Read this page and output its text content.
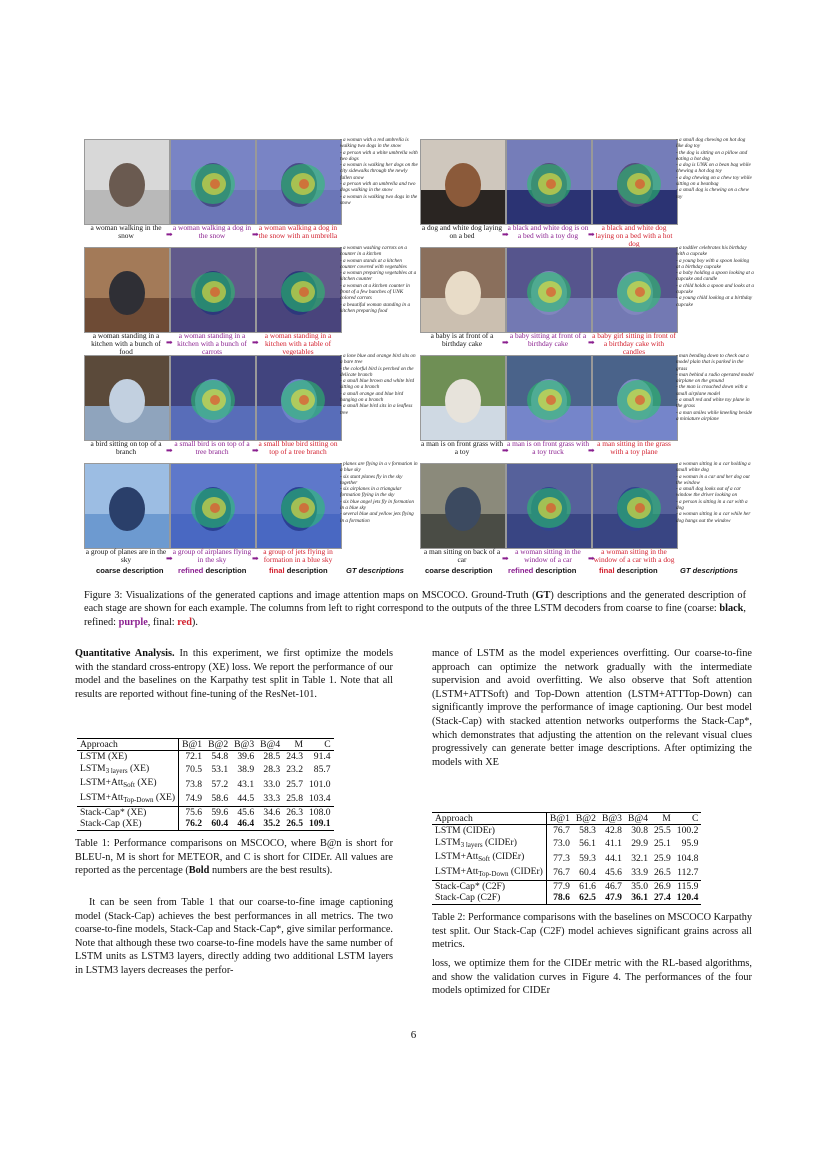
a woman walking in the snow	➡
a woman walking a dog in the snow	➡
a woman walking a dog in the snow with an umbrella
- a woman with a red umbrella is walking two dogs in the snow
- a person with a white umbrella with two dogs
- a woman is walking her dogs on the city sidewalks through the newly fallen snow
- a person with an umbrella and two dogs walking in the snow
- a woman is walking two dogs in the snow
a dog and white dog laying on a bed	➡
a black and white dog is on a bed with a toy dog	➡
a black and white dog laying on a bed with a hot dog
- a small dog chewing on hot dog like dog toy
- the dog is sitting on a pillow and eating a hot dog
- a dog is UNK on a bean bag while chewing a hot dog toy
- a dog chewing on a chew toy while sitting on a beanbag
- a small dog is chewing on a chew toy
a woman standing in a kitchen with a bunch of food
➡
a woman standing in a kitchen with a bunch of carrots
➡
a woman standing in a kitchen with a table of vegetables
- a woman washing carrots on a counter in a kitchen
- a woman stands at a kitchen counter covered with vegetables
- a woman preparing vegetables at a kitchen counter
- a woman at a kitchen counter in front of a few bunches of UNK colored carrots
- a beautiful woman standing in a kitchen preparing food
a baby is at front of a birthday cake	➡
a baby sitting at front of a birthday cake	➡
a baby girl sitting in front of a birthday cake with candles
- a toddler celebrates his birthday with a cupcake
- a young boy with a spoon looking at a birthday cupcake
- a baby holding a spoon looking at a cupcake and candle
- a child holds a spoon and looks at a cupcake
- a young child looking at a birthday cupcake
a bird sitting on top of a branch	➡
a small bird is on top of a tree branch	➡
a small blue bird sitting on top of a tree branch
- a lone blue and orange bird sits on a bare tree
- the colorful bird is perched on the delicate branch
- a small blue brown and white bird sitting on a branch
- a small orange and blue bird hanging on a branch
- a small blue bird sits in a leafless tree
a man is on front grass with a toy	➡
a man is on front grass with a toy truck	➡
a man sitting in the grass with a toy plane
- man bending down to check out a model plain that is parked in the grass
- man behind a radio operated model airplane on the ground
- the man is crouched down with a small airplane model
- a small red and white toy plane in the grass
- a man smiles while kneeling beside a miniature airplane
a group of planes are in the sky	➡
a group of airplanes flying in the sky	➡
a group of jets flying in formation in a blue sky
- planes are flying in a v formation in a blue sky
- six stunt planes fly in the sky together
- six airplanes in a triangular formation flying in the sky
- six blue angel jets fly in formation in a blue sky
- several blue and yellow jets flying in a formation
a man sitting on back of a car	➡
a woman sitting in the window of a car	➡
a woman sitting in the window of a car with a dog
- a woman sitting in a car holding a small white dog
- a woman in a car and her dog out the window
- a small dog looks out of a car window the driver looking on
- a person is sitting in a car with a dog
- a woman sitting in a car while her dog hangs out the window
coarse description refined description	final description GT descriptions	coarse description refined description	final description	GT descriptions
Figure 3: Visualizations of the generated captions and image attention maps on MSCOCO. Ground-Truth (GT) descriptions and the generated description of each stage are shown for each example. The columns from left to right correspond to the outputs of the three LSTM decoders from coarse to fine (coarse: black, refined: purple, final: red).
Quantitative Analysis. In this experiment, we first optimize the models with the standard cross-entropy (XE) loss. We report the performance of our model and the baselines on the Karpathy test split in Table 1. Note that all results are reported without fine-tuning of the ResNet-101.
Approach	B@1	B@2	B@3	B@4	M	C
LSTM (XE)	72.1	54.8	39.6	28.5	24.3	91.4
$LSTM_{3 layers}$ (XE)	70.5	53.1	38.9	28.3	23.2	85.7
LSTM+Att$_{Soft}$ (XE)	73.8	57.2	43.1	33.0	25.7	101.0
LSTM+Att$_{Top-Down}$ (XE)	74.9	58.6	44.5	33.3	25.8	103.4
Stack-Cap* (XE)	75.6	59.6	45.6	34.6	26.3	108.0
Stack-Cap (XE)	76.2	60.4	46.4	35.2	26.5	109.1
Table 1: Performance comparisons on MSCOCO, where B@n is short for BLEU-n, M is short for METEOR, and C is short for CIDEr. All values are reported as the percentage (Bold numbers are the best results).
It can be seen from Table 1 that our coarse-to-fine image captioning model (Stack-Cap) achieves the best performances in all metrics. The two coarse-to-fine models, Stack-Cap and Stack-Cap*, give similar performance. Note that although these two coarse-to-fine models have the same number of LSTM units as LSTM3 layers, directly adding two additional LSTM layers in LSTM3 layers decreases the perfor-
mance of LSTM as the model experiences overfitting. Our coarse-to-fine approach can optimize the network gradually with the intermediate supervision and avoid overfitting. We also observe that Soft attention (LSTM+ATTSoft) and Top-Down attention (LSTM+ATTTop-Down) can significantly improve the performance of image captioning. Our best model (Stack-Cap) with stacked attention networks outperforms the Stack-Cap*, which demonstrates that adjusting the attention on the relevant visual clues progressively can generate better image descriptions. After optimizing the models with XE
Approach	B@1	B@2	B@3	B@4	M	C
LSTM (CIDEr)	76.7	58.3	42.8	30.8	25.5	100.2
$LSTM_{3 layers}$ (CIDEr)	73.0	56.1	41.1	29.9	25.1	95.9
LSTM+Att$_{Soft}$ (CIDEr)	77.3	59.3	44.1	32.1	25.9	104.8
LSTM+Att$_{Top-Down}$ (CIDEr)	76.7	60.4	45.6	33.9	26.5	112.7
Stack-Cap* (C2F)	77.9	61.6	46.7	35.0	26.9	115.9
Stack-Cap (C2F)	78.6	62.5	47.9	36.1	27.4	120.4
Table 2: Performance comparisons with the baselines on MSCOCO Karpathy test split. Our Stack-Cap (C2F) model achieves significant grains across all metrics.
loss, we optimize them for the CIDEr metric with the RL-based algorithms, and show the validation curves in Figure 4. The performances of the four models optimized for CIDEr
6
